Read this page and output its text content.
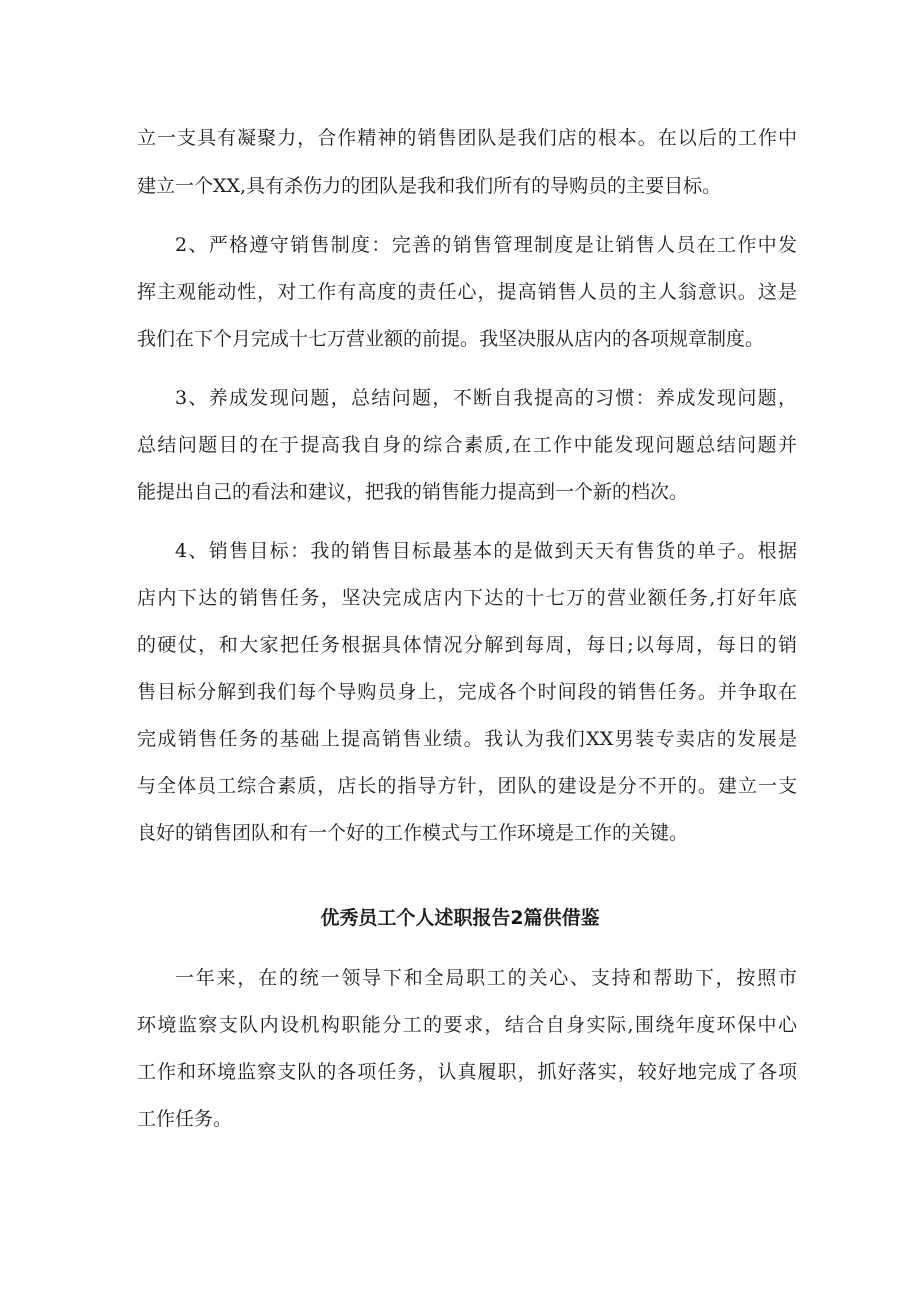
立一支具有凝聚力，合作精神的销售团队是我们店的根本。在以后的工作中
建立一个XX,具有杀伤力的团队是我和我们所有的导购员的主要目标。
2、严格遵守销售制度：完善的销售管理制度是让销售人员在工作中发
挥主观能动性，对工作有高度的责任心，提高销售人员的主人翁意识。这是
我们在下个月完成十七万营业额的前提。我坚决服从店内的各项规章制度。
3、养成发现问题，总结问题，不断自我提高的习惯：养成发现问题，
总结问题目的在于提高我自身的综合素质,在工作中能发现问题总结问题并
能提出自己的看法和建议，把我的销售能力提高到一个新的档次。
4、销售目标：我的销售目标最基本的是做到天天有售货的单子。根据
店内下达的销售任务，坚决完成店内下达的十七万的营业额任务,打好年底
的硬仗，和大家把任务根据具体情况分解到每周，每日;以每周，每日的销
售目标分解到我们每个导购员身上，完成各个时间段的销售任务。并争取在
完成销售任务的基础上提高销售业绩。我认为我们XX男装专卖店的发展是
与全体员工综合素质，店长的指导方针，团队的建设是分不开的。建立一支
良好的销售团队和有一个好的工作模式与工作环境是工作的关键。
优秀员工个人述职报告2篇供借鉴
一年来，在的统一领导下和全局职工的关心、支持和帮助下，按照市
环境监察支队内设机构职能分工的要求，结合自身实际,围绕年度环保中心
工作和环境监察支队的各项任务，认真履职，抓好落实，较好地完成了各项
工作任务。
